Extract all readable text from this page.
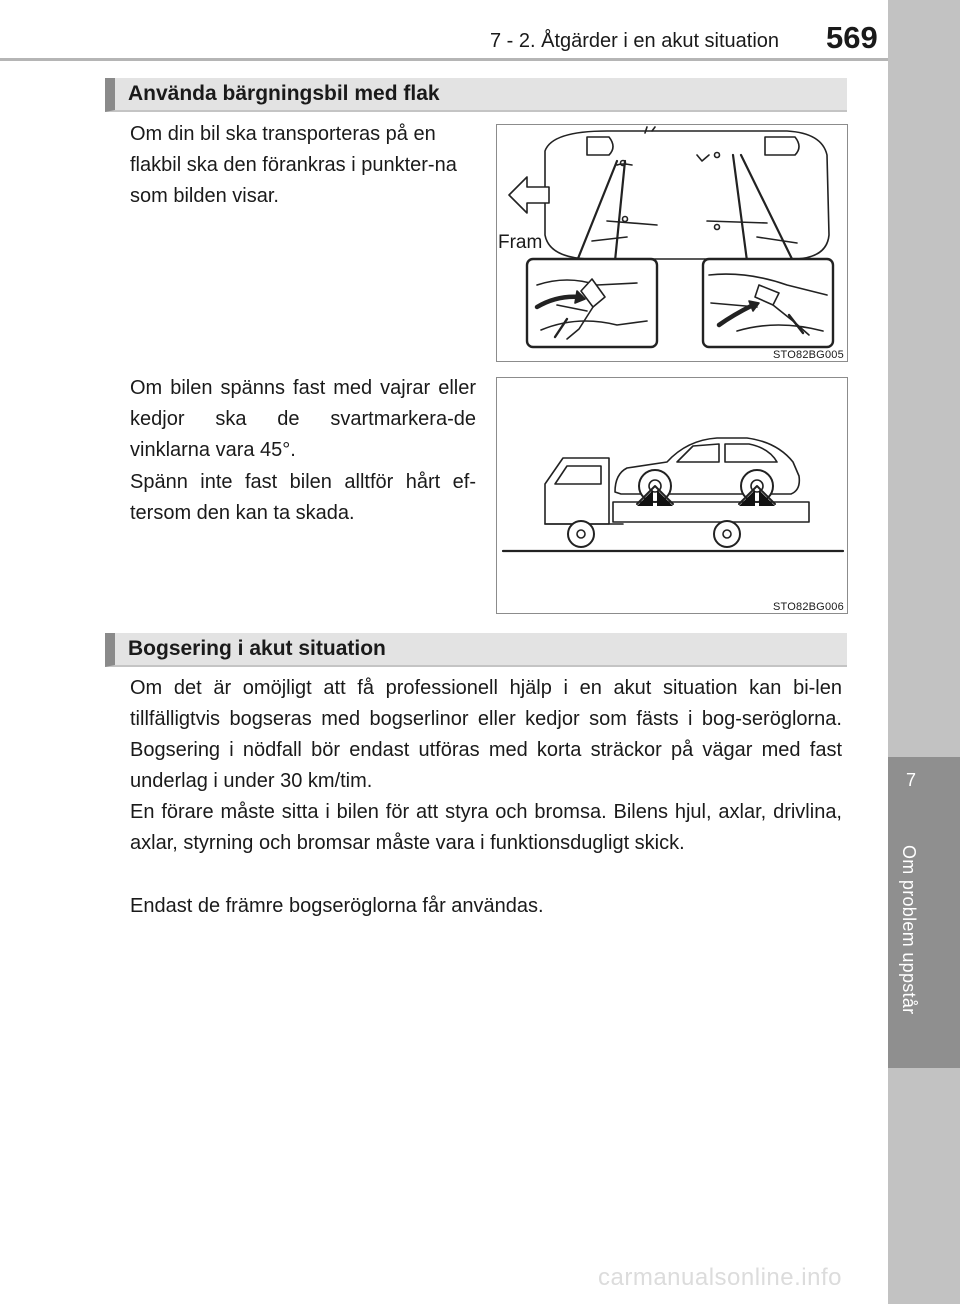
7 - 2. Åtgärder i en akut situation 569
7
Om problem uppstår
Använda bärgningsbil med flak

Om din bil ska transporteras på en flakbil ska den förankras i punkter-na som bilden visar.

STO82BG005
Fram

Om bilen spänns fast med vajrar eller kedjor ska de svartmarkera-de vinklarna vara 45°.

Spänn inte fast bilen alltför hårt ef-tersom den kan ta skada.

STO82BG006
Bogsering i akut situation

Om det är omöjligt att få professionell hjälp i en akut situation kan bi-len tillfälligtvis bogseras med bogserlinor eller kedjor som fästs i bog-seröglorna. Bogsering i nödfall bör endast utföras med korta sträckor på vägar med fast underlag i under 30 km/tim.

En förare måste sitta i bilen för att styra och bromsa. Bilens hjul, axlar, drivlina, axlar, styrning och bromsar måste vara i funktionsdugligt skick.

Endast de främre bogseröglorna får användas.

carmanualsonline.info
